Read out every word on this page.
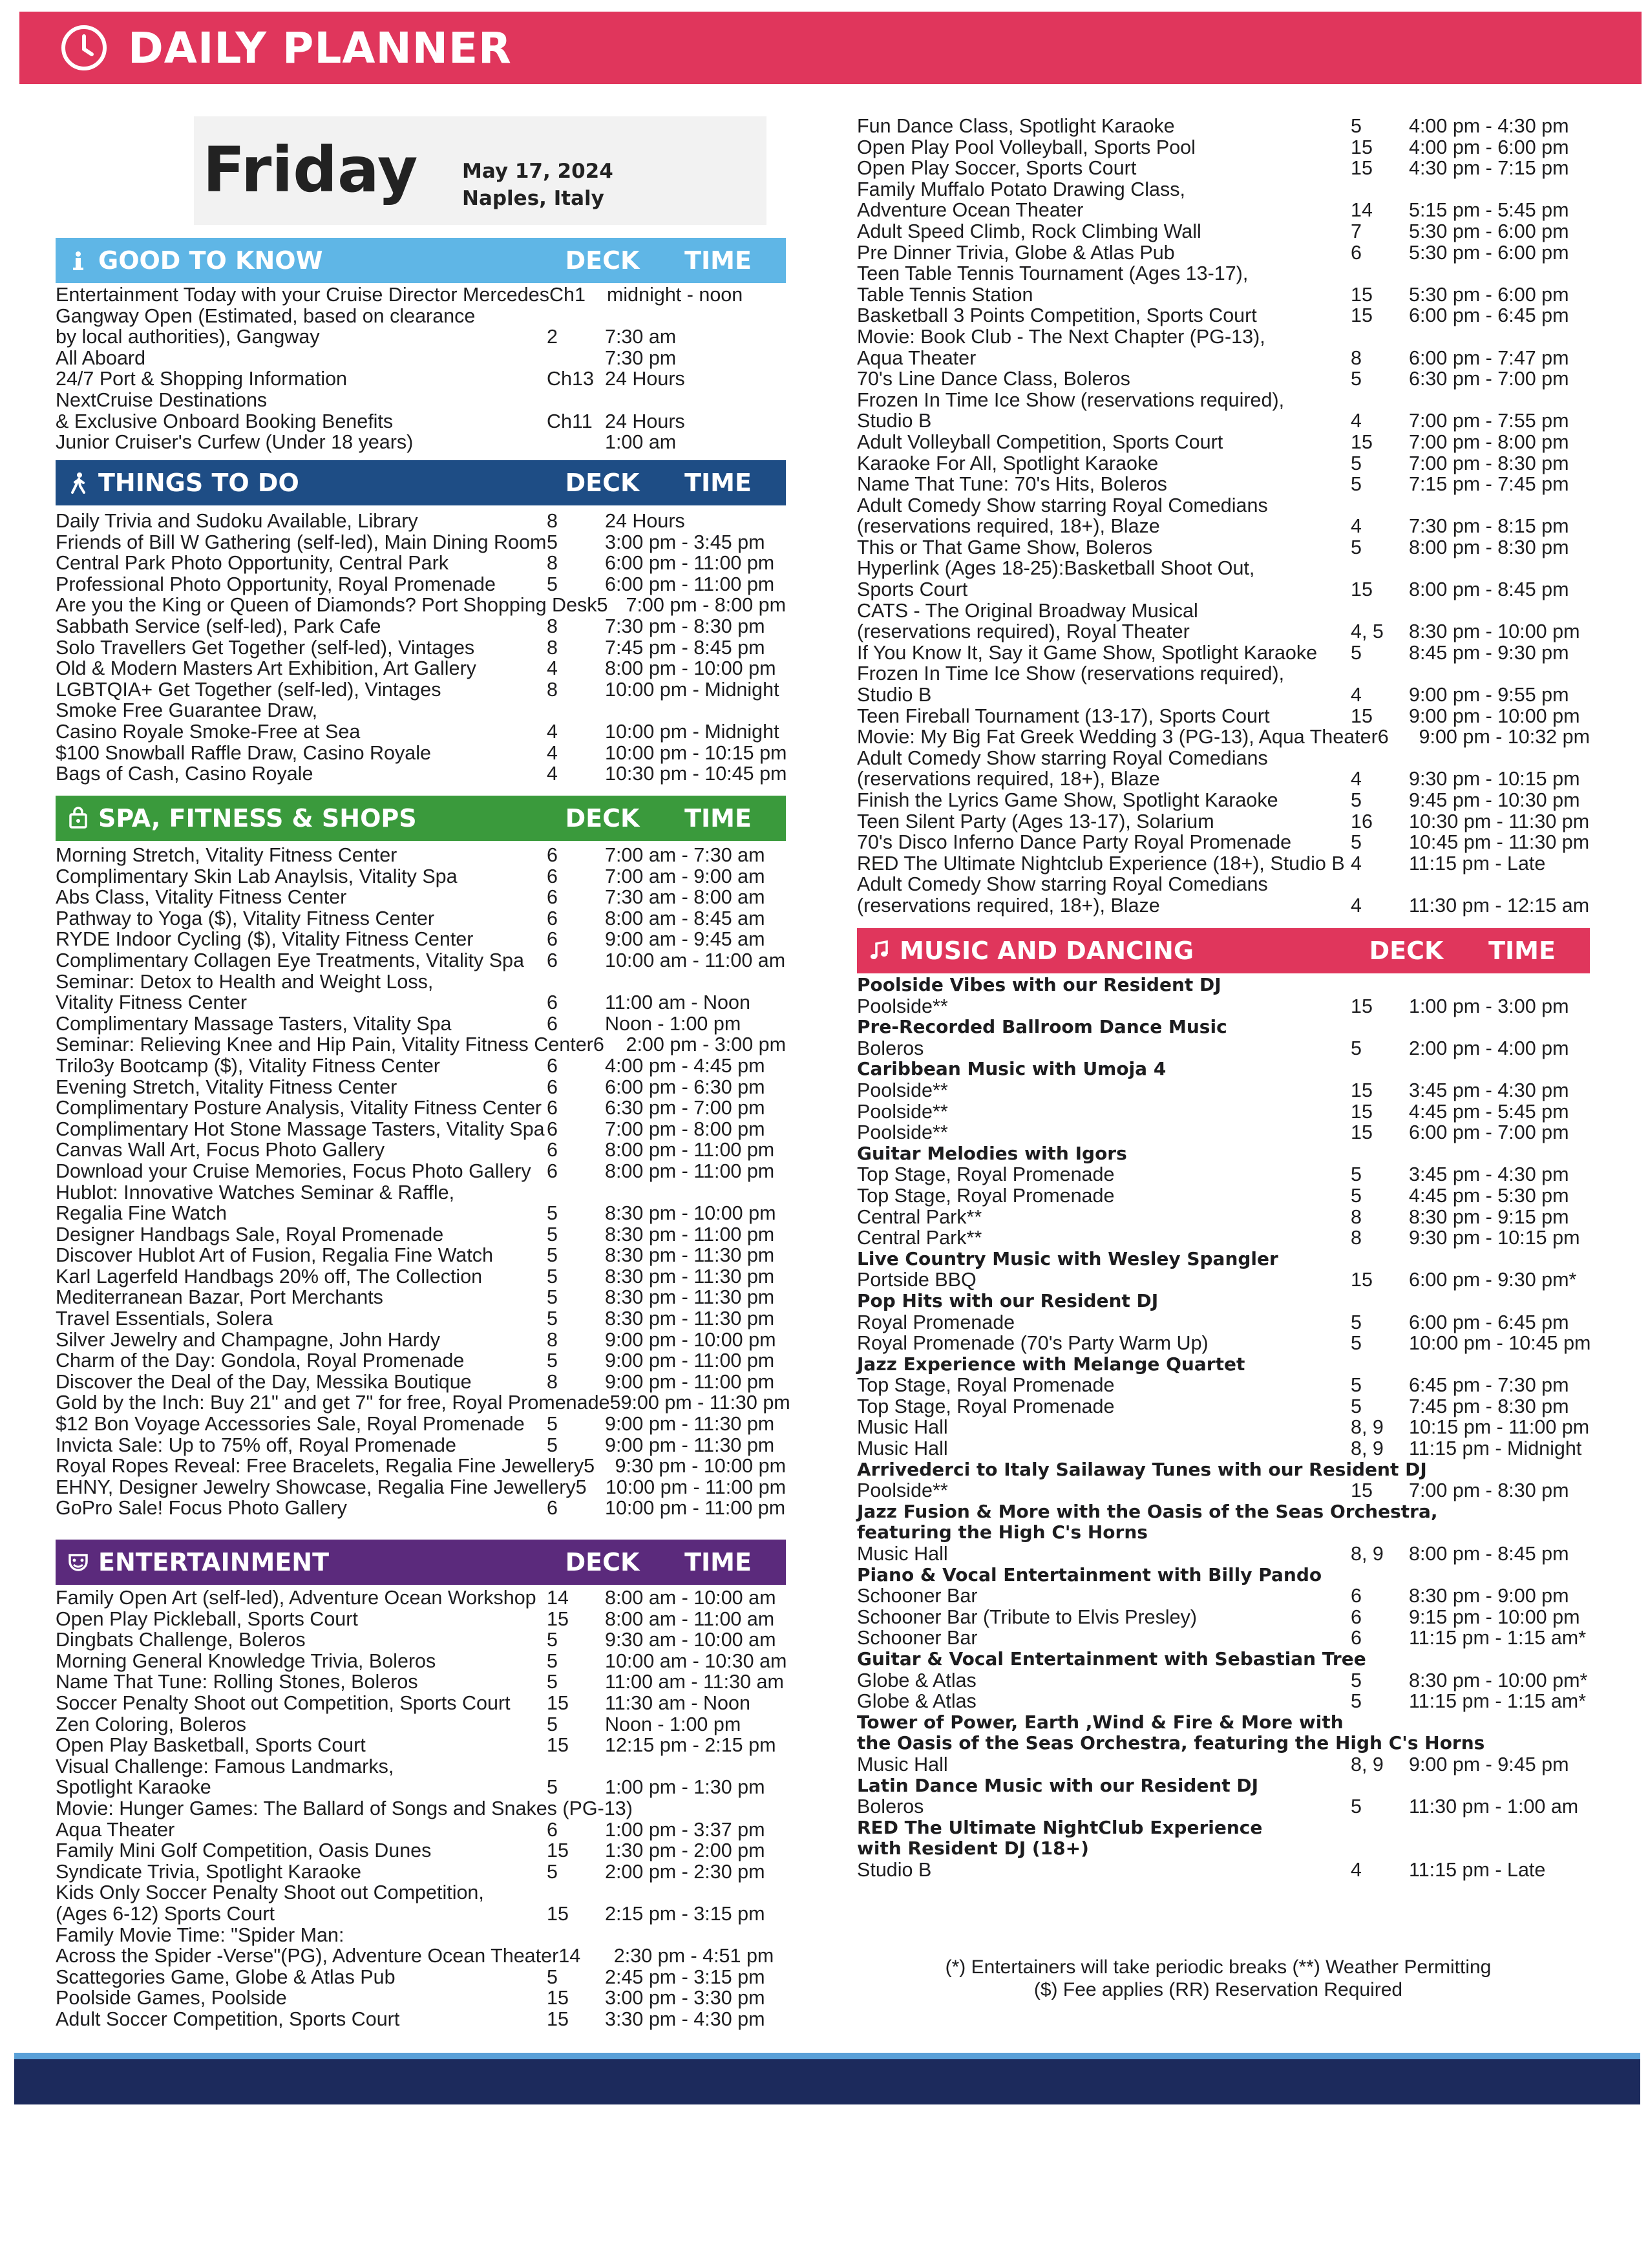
DAILY PLANNER
Friday	May 17, 2024
Naples, Italy
GOOD TO KNOW	DECK	TIME
Entertainment Today with your Cruise Director Mercedes Ch1	midnight - noon
Gangway Open (Estimated, based on clearance
by local authorities), Gangway	2	7:30 am
All Aboard	7:30 pm
24/7 Port & Shopping Information	Ch13 24 Hours
NextCruise Destinations
& Exclusive Onboard Booking Benefits	Ch11 24 Hours
Junior Cruiser's Curfew (Under 18 years)	1:00 am
THINGS TO DO	DECK	TIME
Daily Trivia and Sudoku Available, Library	8	24 Hours
Friends of Bill W Gathering (self-led), Main Dining Room 5	3:00 pm - 3:45 pm
Central Park Photo Opportunity, Central Park	8	6:00 pm - 11:00 pm
Professional Photo Opportunity, Royal Promenade	5	6:00 pm - 11:00 pm
Are you the King or Queen of Diamonds? Port Shopping Desk 5 7:00 pm - 8:00 pm
Sabbath Service (self-led), Park Cafe	8	7:30 pm - 8:30 pm
Solo Travellers Get Together (self-led), Vintages	8	7:45 pm - 8:45 pm
Old & Modern Masters Art Exhibition, Art Gallery	4	8:00 pm - 10:00 pm
LGBTQIA+ Get Together (self-led), Vintages	8	10:00 pm - Midnight
Smoke Free Guarantee Draw,
Casino Royale Smoke-Free at Sea	4	10:00 pm - Midnight
$100 Snowball Raffle Draw, Casino Royale	4	10:00 pm - 10:15 pm
Bags of Cash, Casino Royale	4	10:30 pm - 10:45 pm
SPA, FITNESS & SHOPS	DECK	TIME
Morning Stretch, Vitality Fitness Center	6	7:00 am - 7:30 am
Complimentary Skin Lab Anaylsis, Vitality Spa	6	7:00 am - 9:00 am
Abs Class, Vitality Fitness Center	6	7:30 am - 8:00 am
Pathway to Yoga ($), Vitality Fitness Center	6	8:00 am - 8:45 am
RYDE Indoor Cycling ($), Vitality Fitness Center	6	9:00 am - 9:45 am
Complimentary Collagen Eye Treatments, Vitality Spa	6	10:00 am - 11:00 am
Seminar: Detox to Health and Weight Loss,
Vitality Fitness Center	6	11:00 am - Noon
Complimentary Massage Tasters, Vitality Spa	6	Noon - 1:00 pm
Seminar: Relieving Knee and Hip Pain, Vitality Fitness Center 6	2:00 pm - 3:00 pm
Trilo3y Bootcamp ($), Vitality Fitness Center	6	4:00 pm - 4:45 pm
Evening Stretch, Vitality Fitness Center	6	6:00 pm - 6:30 pm
Complimentary Posture Analysis, Vitality Fitness Center 6	6:30 pm - 7:00 pm
Complimentary Hot Stone Massage Tasters, Vitality Spa 6	7:00 pm - 8:00 pm
Canvas Wall Art, Focus Photo Gallery	6	8:00 pm - 11:00 pm
Download your Cruise Memories, Focus Photo Gallery 6	8:00 pm - 11:00 pm
Hublot: Innovative Watches Seminar & Raffle,
Regalia Fine Watch	5	8:30 pm - 10:00 pm
Designer Handbags Sale, Royal Promenade	5	8:30 pm - 11:00 pm
Discover Hublot Art of Fusion, Regalia Fine Watch	5	8:30 pm - 11:30 pm
Karl Lagerfeld Handbags 20% off, The Collection	5	8:30 pm - 11:30 pm
Mediterranean Bazar, Port Merchants	5	8:30 pm - 11:30 pm
Travel Essentials, Solera	5	8:30 pm - 11:30 pm
Silver Jewelry and Champagne, John Hardy	8	9:00 pm - 10:00 pm
Charm of the Day: Gondola, Royal Promenade	5	9:00 pm - 11:00 pm
Discover the Deal of the Day, Messika Boutique	8	9:00 pm - 11:00 pm
Gold by the Inch: Buy 21" and get 7" for free, Royal Promenade 5 9:00 pm - 11:30 pm
$12 Bon Voyage Accessories Sale, Royal Promenade	5	9:00 pm - 11:30 pm
Invicta Sale: Up to 75% off, Royal Promenade	5	9:00 pm - 11:30 pm
Royal Ropes Reveal: Free Bracelets, Regalia Fine Jewellery 5	9:30 pm - 10:00 pm
EHNY, Designer Jewelry Showcase, Regalia Fine Jewellery 5 10:00 pm - 11:00 pm
GoPro Sale! Focus Photo Gallery	6	10:00 pm - 11:00 pm
ENTERTAINMENT	DECK	TIME
Family Open Art (self-led), Adventure Ocean Workshop 14	8:00 am - 10:00 am
Open Play Pickleball, Sports Court	15	8:00 am - 11:00 am
Dingbats Challenge, Boleros	5	9:30 am - 10:00 am
Morning General Knowledge Trivia, Boleros	5	10:00 am - 10:30 am
Name That Tune: Rolling Stones, Boleros	5	11:00 am - 11:30 am
Soccer Penalty Shoot out Competition, Sports Court	15	11:30 am - Noon
Zen Coloring, Boleros	5	Noon - 1:00 pm
Open Play Basketball, Sports Court	15	12:15 pm - 2:15 pm
Visual Challenge: Famous Landmarks,
Spotlight Karaoke	5	1:00 pm - 1:30 pm
Movie: Hunger Games: The Ballard of Songs and Snakes (PG-13)
Aqua Theater	6	1:00 pm - 3:37 pm
Family Mini Golf Competition, Oasis Dunes	15	1:30 pm - 2:00 pm
Syndicate Trivia, Spotlight Karaoke	5	2:00 pm - 2:30 pm
Kids Only Soccer Penalty Shoot out Competition,
(Ages 6-12) Sports Court	15	2:15 pm - 3:15 pm
Family Movie Time: "Spider Man:
Across the Spider -Verse"(PG), Adventure Ocean Theater 14	2:30 pm - 4:51 pm
Scattegories Game, Globe & Atlas Pub	5	2:45 pm - 3:15 pm
Poolside Games, Poolside	15	3:00 pm - 3:30 pm
Adult Soccer Competition, Sports Court	15	3:30 pm - 4:30 pm
Fun Dance Class, Spotlight Karaoke	5	4:00 pm - 4:30 pm
Open Play Pool Volleyball, Sports Pool	15	4:00 pm - 6:00 pm
Open Play Soccer, Sports Court	15	4:30 pm - 7:15 pm
Family Muffalo Potato Drawing Class,
Adventure Ocean Theater	14	5:15 pm - 5:45 pm
Adult Speed Climb, Rock Climbing Wall	7	5:30 pm - 6:00 pm
Pre Dinner Trivia, Globe & Atlas Pub	6	5:30 pm - 6:00 pm
Teen Table Tennis Tournament (Ages 13-17),
Table Tennis Station	15	5:30 pm - 6:00 pm
Basketball 3 Points Competition, Sports Court	15	6:00 pm - 6:45 pm
Movie: Book Club - The Next Chapter (PG-13),
Aqua Theater	8	6:00 pm - 7:47 pm
70's Line Dance Class, Boleros	5	6:30 pm - 7:00 pm
Frozen In Time Ice Show (reservations required),
Studio B	4	7:00 pm - 7:55 pm
Adult Volleyball Competition, Sports Court	15	7:00 pm - 8:00 pm
Karaoke For All, Spotlight Karaoke	5	7:00 pm - 8:30 pm
Name That Tune: 70's Hits, Boleros	5	7:15 pm - 7:45 pm
Adult Comedy Show starring Royal Comedians
(reservations required, 18+), Blaze	4	7:30 pm - 8:15 pm
This or That Game Show, Boleros	5	8:00 pm - 8:30 pm
Hyperlink (Ages 18-25):Basketball Shoot Out,
Sports Court	15	8:00 pm - 8:45 pm
CATS - The Original Broadway Musical
(reservations required), Royal Theater	4, 5	8:30 pm - 10:00 pm
If You Know It, Say it Game Show, Spotlight Karaoke	5	8:45 pm - 9:30 pm
Frozen In Time Ice Show (reservations required),
Studio B	4	9:00 pm - 9:55 pm
Teen Fireball Tournament (13-17), Sports Court	15	9:00 pm - 10:00 pm
Movie: My Big Fat Greek Wedding 3 (PG-13), Aqua Theater 6	9:00 pm - 10:32 pm
Adult Comedy Show starring Royal Comedians
(reservations required, 18+), Blaze	4	9:30 pm - 10:15 pm
Finish the Lyrics Game Show, Spotlight Karaoke	5	9:45 pm - 10:30 pm
Teen Silent Party (Ages 13-17), Solarium	16	10:30 pm - 11:30 pm
70's Disco Inferno Dance Party Royal Promenade	5	10:45 pm - 11:30 pm
RED The Ultimate Nightclub Experience (18+), Studio B 4	11:15 pm - Late
Adult Comedy Show starring Royal Comedians
(reservations required, 18+), Blaze	4	11:30 pm - 12:15 am
MUSIC AND DANCING	DECK	TIME
Poolside Vibes with our Resident DJ
Poolside**	15	1:00 pm - 3:00 pm
Pre-Recorded Ballroom Dance Music
Boleros	5	2:00 pm - 4:00 pm
Caribbean Music with Umoja 4
Poolside**	15	3:45 pm - 4:30 pm
Poolside**	15	4:45 pm - 5:45 pm
Poolside**	15	6:00 pm - 7:00 pm
Guitar Melodies with Igors
Top Stage, Royal Promenade	5	3:45 pm - 4:30 pm
Top Stage, Royal Promenade	5	4:45 pm - 5:30 pm
Central Park**	8	8:30 pm - 9:15 pm
Central Park**	8	9:30 pm - 10:15 pm
Live Country Music with Wesley Spangler
Portside BBQ	15	6:00 pm - 9:30 pm*
Pop Hits with our Resident DJ
Royal Promenade	5	6:00 pm - 6:45 pm
Royal Promenade (70's Party Warm Up)	5	10:00 pm - 10:45 pm
Jazz Experience with Melange Quartet
Top Stage, Royal Promenade	5	6:45 pm - 7:30 pm
Top Stage, Royal Promenade	5	7:45 pm - 8:30 pm
Music Hall	8, 9	10:15 pm - 11:00 pm
Music Hall	8, 9	11:15 pm - Midnight
Arrivederci to Italy Sailaway Tunes with our Resident DJ
Poolside**	15	7:00 pm - 8:30 pm
Jazz Fusion & More with the Oasis of the Seas Orchestra,
featuring the High C's Horns
Music Hall	8, 9	8:00 pm - 8:45 pm
Piano & Vocal Entertainment with Billy Pando
Schooner Bar	6	8:30 pm - 9:00 pm
Schooner Bar (Tribute to Elvis Presley)	6	9:15 pm - 10:00 pm
Schooner Bar	6	11:15 pm - 1:15 am*
Guitar & Vocal Entertainment with Sebastian Tree
Globe & Atlas	5	8:30 pm - 10:00 pm*
Globe & Atlas	5	11:15 pm - 1:15 am*
Tower of Power, Earth ,Wind & Fire & More with
the Oasis of the Seas Orchestra, featuring the High C's Horns
Music Hall	8, 9	9:00 pm - 9:45 pm
Latin Dance Music with our Resident DJ
Boleros	5	11:30 pm - 1:00 am
RED The Ultimate NightClub Experience
with Resident DJ (18+)
Studio B	4	11:15 pm - Late
(*) Entertainers will take periodic breaks (**) Weather Permitting
($) Fee applies (RR) Reservation Required
